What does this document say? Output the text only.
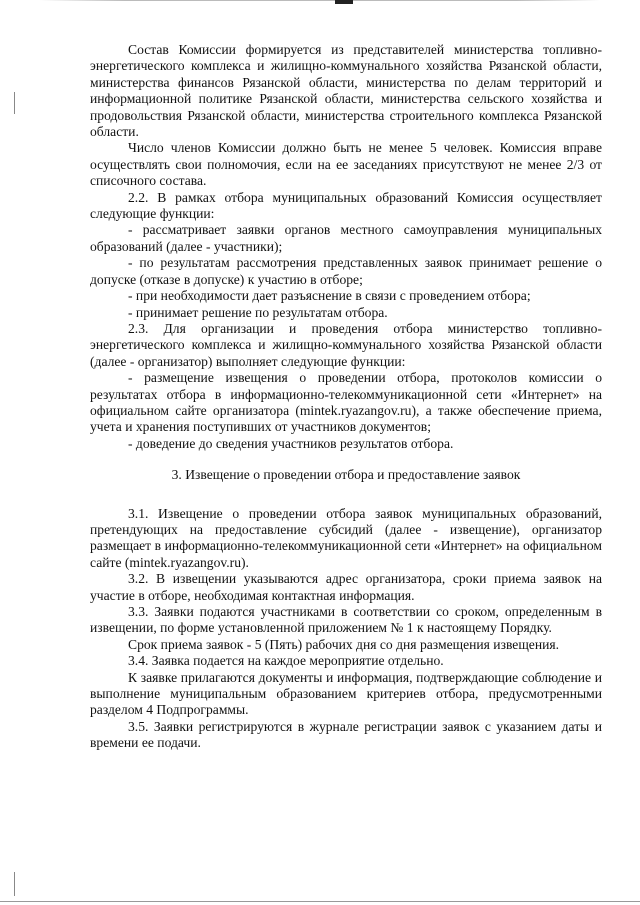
Состав Комиссии формируется из представителей министерства топливно-энергетического комплекса и жилищно-коммунального хозяйства Рязанской области, министерства финансов Рязанской области, министерства по делам территорий и информационной политике Рязанской области, министерства сельского хозяйства и продовольствия Рязанской области, министерства строительного комплекса Рязанской области.

Число членов Комиссии должно быть не менее 5 человек. Комиссия вправе осуществлять свои полномочия, если на ее заседаниях присутствуют не менее 2/3 от списочного состава.

2.2. В рамках отбора муниципальных образований Комиссия осуществляет следующие функции:

- рассматривает заявки органов местного самоуправления муниципальных образований (далее - участники);

- по результатам рассмотрения представленных заявок принимает решение о допуске (отказе в допуске) к участию в отборе;

- при необходимости дает разъяснение в связи с проведением отбора;

- принимает решение по результатам отбора.

2.3. Для организации и проведения отбора министерство топливно-энергетического комплекса и жилищно-коммунального хозяйства Рязанской области (далее - организатор) выполняет следующие функции:

- размещение извещения о проведении отбора, протоколов комиссии о результатах отбора в информационно-телекоммуникационной сети «Интернет» на официальном сайте организатора (mintek.ryazangov.ru), а также обеспечение приема, учета и хранения поступивших от участников документов;

- доведение до сведения участников результатов отбора.

3. Извещение о проведении отбора и предоставление заявок

3.1. Извещение о проведении отбора заявок муниципальных образований, претендующих на предоставление субсидий (далее - извещение), организатор размещает в информационно-телекоммуникационной сети «Интернет» на официальном сайте (mintek.ryazangov.ru).

3.2. В извещении указываются адрес организатора, сроки приема заявок на участие в отборе, необходимая контактная информация.

3.3. Заявки подаются участниками в соответствии со сроком, определенным в извещении, по форме установленной приложением № 1 к настоящему Порядку.

Срок приема заявок - 5 (Пять) рабочих дня со дня размещения извещения.

3.4. Заявка подается на каждое мероприятие отдельно.

К заявке прилагаются документы и информация, подтверждающие соблюдение и выполнение муниципальным образованием критериев отбора, предусмотренными разделом 4 Подпрограммы.

3.5. Заявки регистрируются в журнале регистрации заявок с указанием даты и времени ее подачи.
